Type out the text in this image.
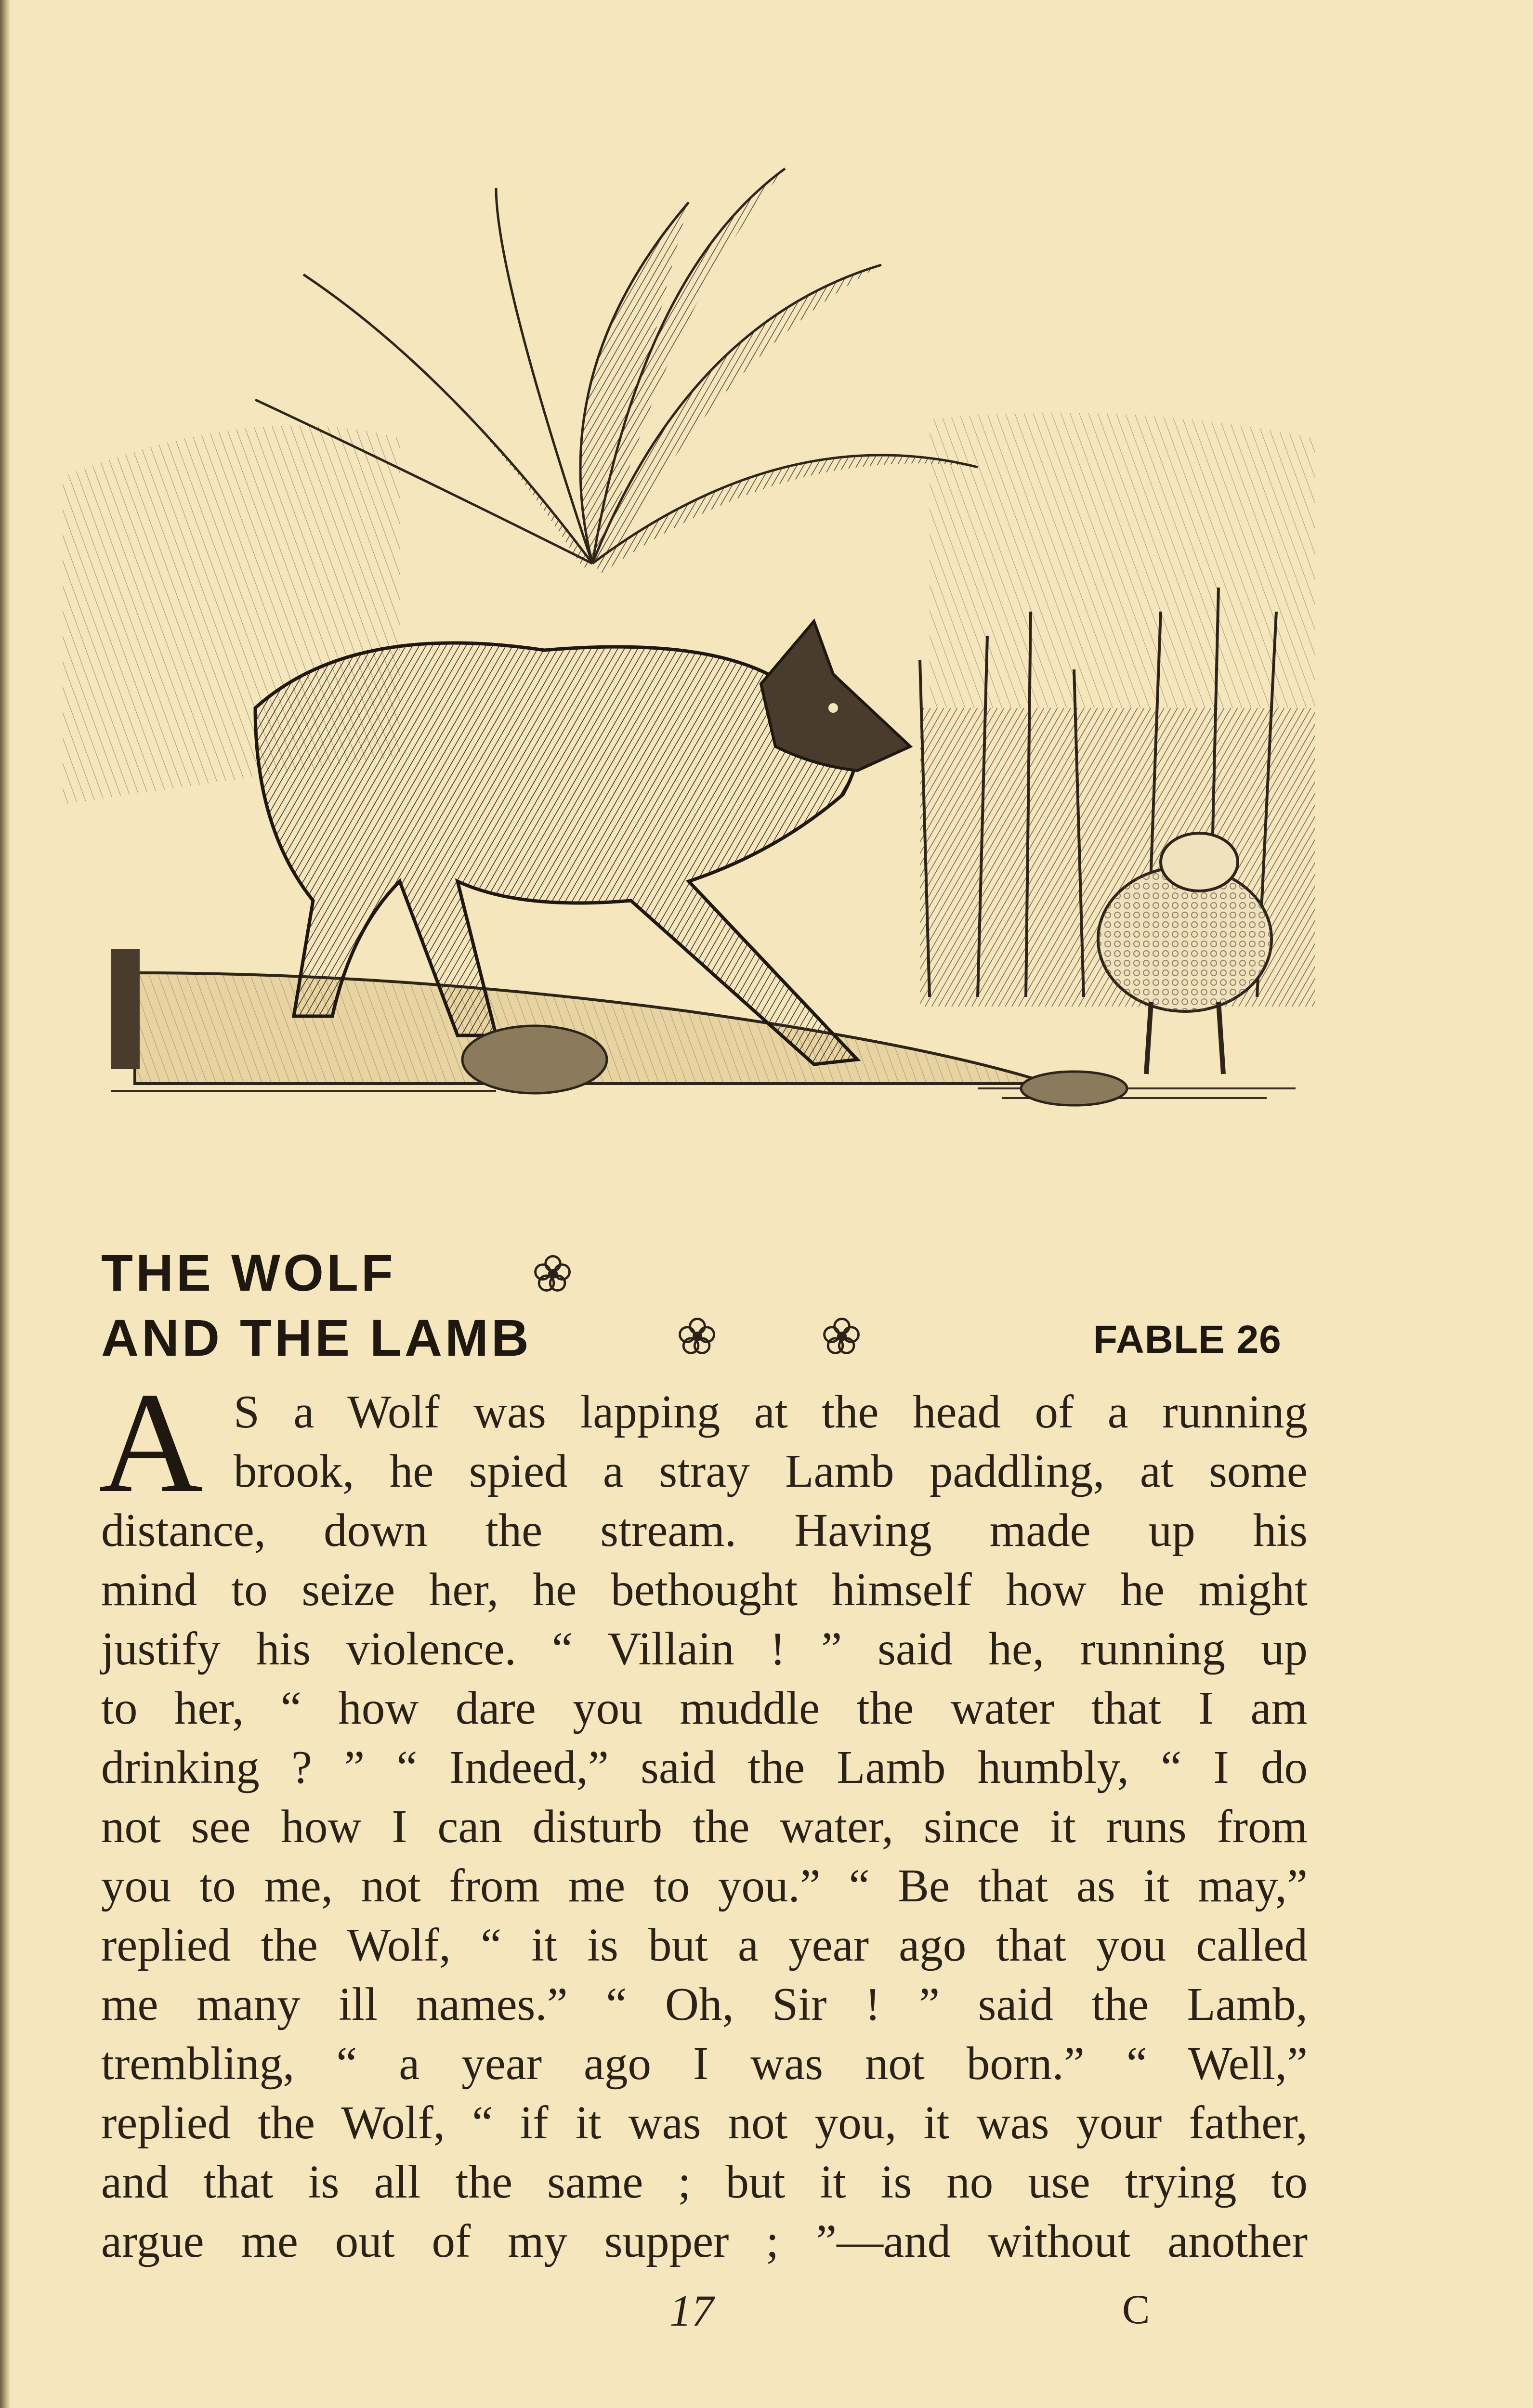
THE WOLF
AND THE LAMB	FABLE 26
A S a Wolf was lapping at the head of a running
brook, he spied a stray Lamb paddling, at some
distance, down the stream. Having made up his
mind to seize her, he bethought himself how he might
justify his violence. “ Villain ! ” said he, running up
to her, “ how dare you muddle the water that I am
drinking ? ” “ Indeed,” said the Lamb humbly, “ I do
not see how I can disturb the water, since it runs from
you to me, not from me to you.” “ Be that as it may,”
replied the Wolf, “ it is but a year ago that you called
me many ill names.” “ Oh, Sir ! ” said the Lamb,
trembling, “ a year ago I was not born.” “ Well,”
replied the Wolf, “ if it was not you, it was your father,
and that is all the same ; but it is no use trying to
argue me out of my supper ; ”—and without another
17	C
